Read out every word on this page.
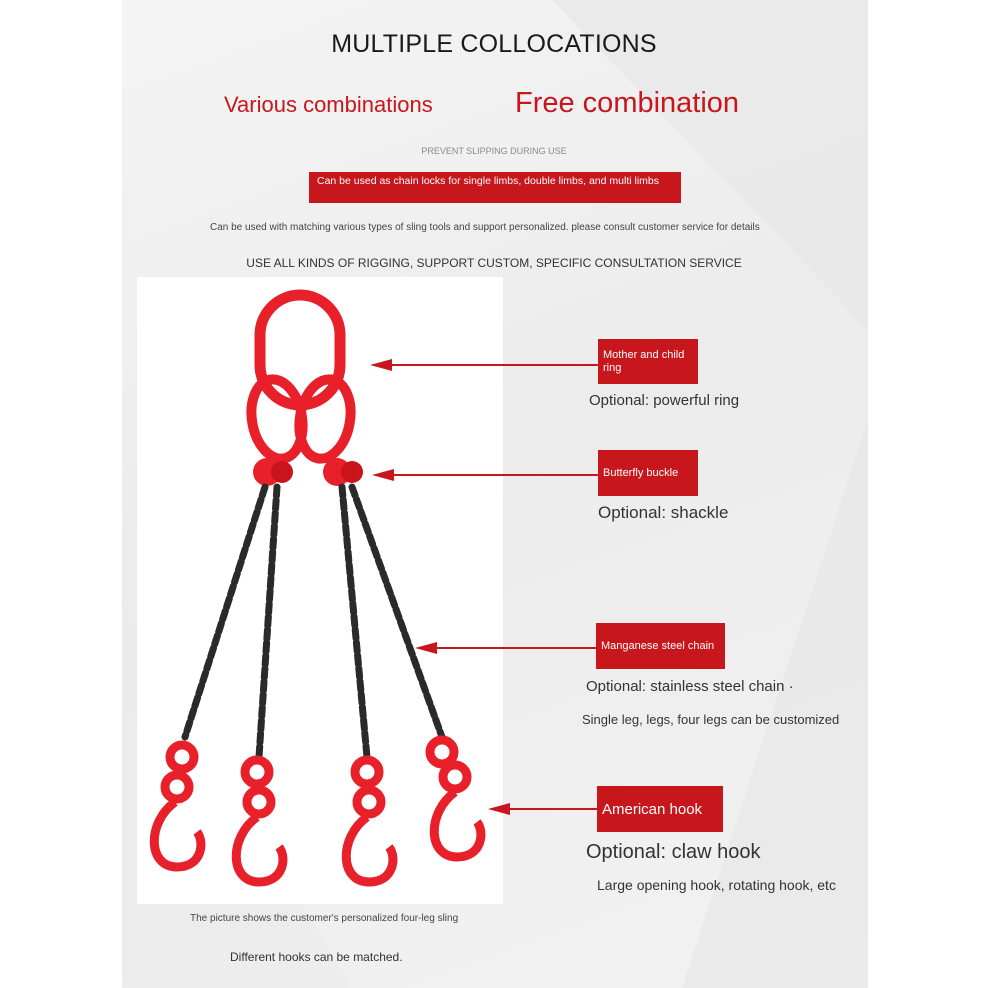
MULTIPLE COLLOCATIONS
Various combinations	Free combination
PREVENT SLIPPING DURING USE
Can be used as chain locks for single limbs, double limbs, and multi limbs
Can be used with matching various types of sling tools and support personalized. please consult customer service for details
USE ALL KINDS OF RIGGING, SUPPORT CUSTOM, SPECIFIC CONSULTATION SERVICE
Mother and child ring
Optional: powerful ring
Butterfly buckle
Optional: shackle
Manganese steel chain
Optional: stainless steel chain ·
Single leg, legs, four legs can be customized
American hook
Optional: claw hook
Large opening hook, rotating hook, etc
The picture shows the customer's personalized four-leg sling
Different hooks can be matched.
